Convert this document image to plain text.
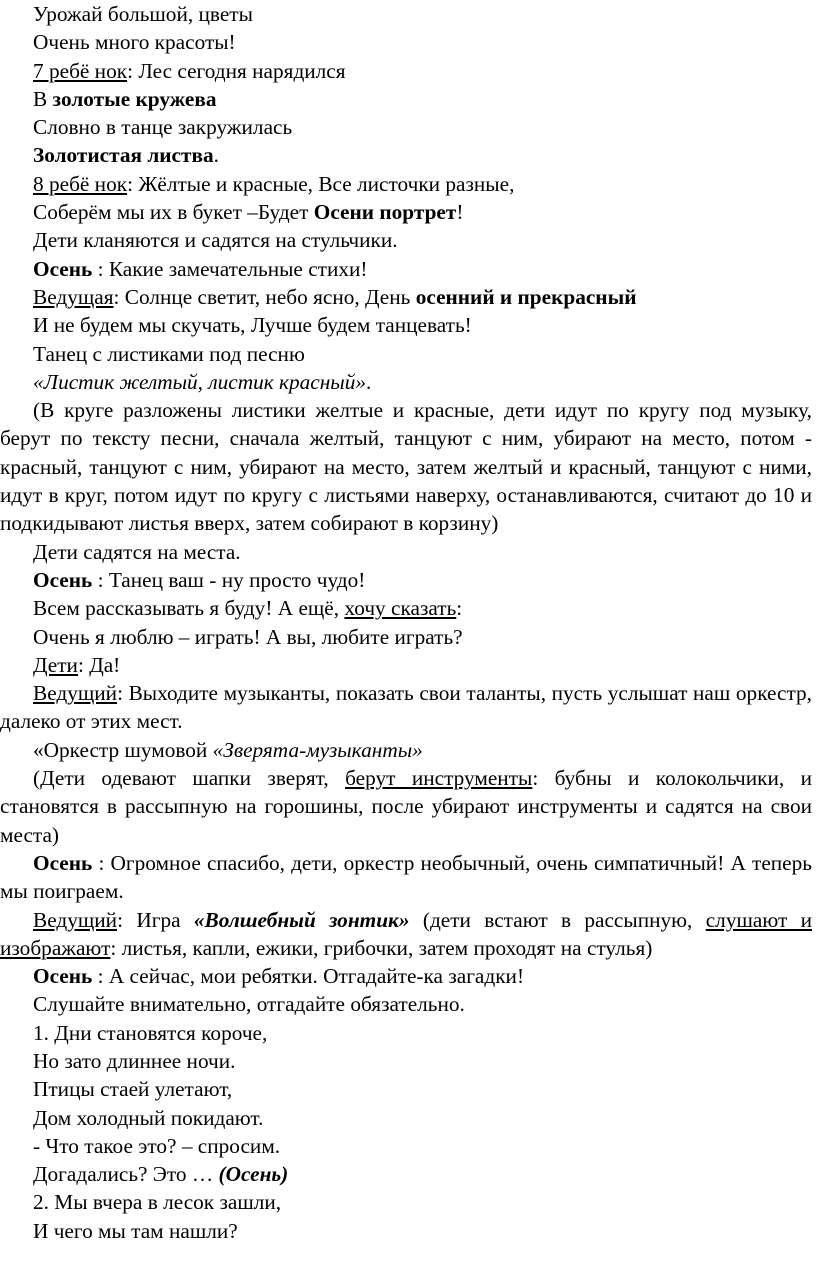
Урожай большой, цветы
Очень много красоты!
7 ребё нок: Лес сегодня нарядился
В золотые кружева
Словно в танце закружилась
Золотистая листва.
8 ребё нок: Жёлтые и красные, Все листочки разные,
Соберём мы их в букет –Будет Осени портрет!
Дети кланяются и садятся на стульчики.
Осень : Какие замечательные стихи!
Ведущая: Солнце светит, небо ясно, День осенний и прекрасный
И не будем мы скучать, Лучше будем танцевать!
Танец с листиками под песню
«Листик желтый, листик красный».
(В круге разложены листики желтые и красные, дети идут по кругу под музыку, берут по тексту песни, сначала желтый, танцуют с ним, убирают на место, потом - красный, танцуют с ним, убирают на место, затем желтый и красный, танцуют с ними, идут в круг, потом идут по кругу с листьями наверху, останавливаются, считают до 10 и подкидывают листья вверх, затем собирают в корзину)
Дети садятся на места.
Осень : Танец ваш - ну просто чудо!
Всем рассказывать я буду! А ещё, хочу сказать:
Очень я люблю – играть! А вы, любите играть?
Дети: Да!
Ведущий: Выходите музыканты, показать свои таланты, пусть услышат наш оркестр, далеко от этих мест.
«Оркестр шумовой «Зверята-музыканты»
(Дети одевают шапки зверят, берут инструменты: бубны и колокольчики, и становятся в рассыпную на горошины, после убирают инструменты и садятся на свои места)
Осень : Огромное спасибо, дети, оркестр необычный, очень симпатичный! А теперь мы поиграем.
Ведущий: Игра «Волшебный зонтик» (дети встают в рассыпную, слушают и изображают: листья, капли, ежики, грибочки, затем проходят на стулья)
Осень : А сейчас, мои ребятки. Отгадайте-ка загадки!
Слушайте внимательно, отгадайте обязательно.
1. Дни становятся короче,
Но зато длиннее ночи.
Птицы стаей улетают,
Дом холодный покидают.
- Что такое это? – спросим.
Догадались? Это … (Осень)
2. Мы вчера в лесок зашли,
И чего мы там нашли?
